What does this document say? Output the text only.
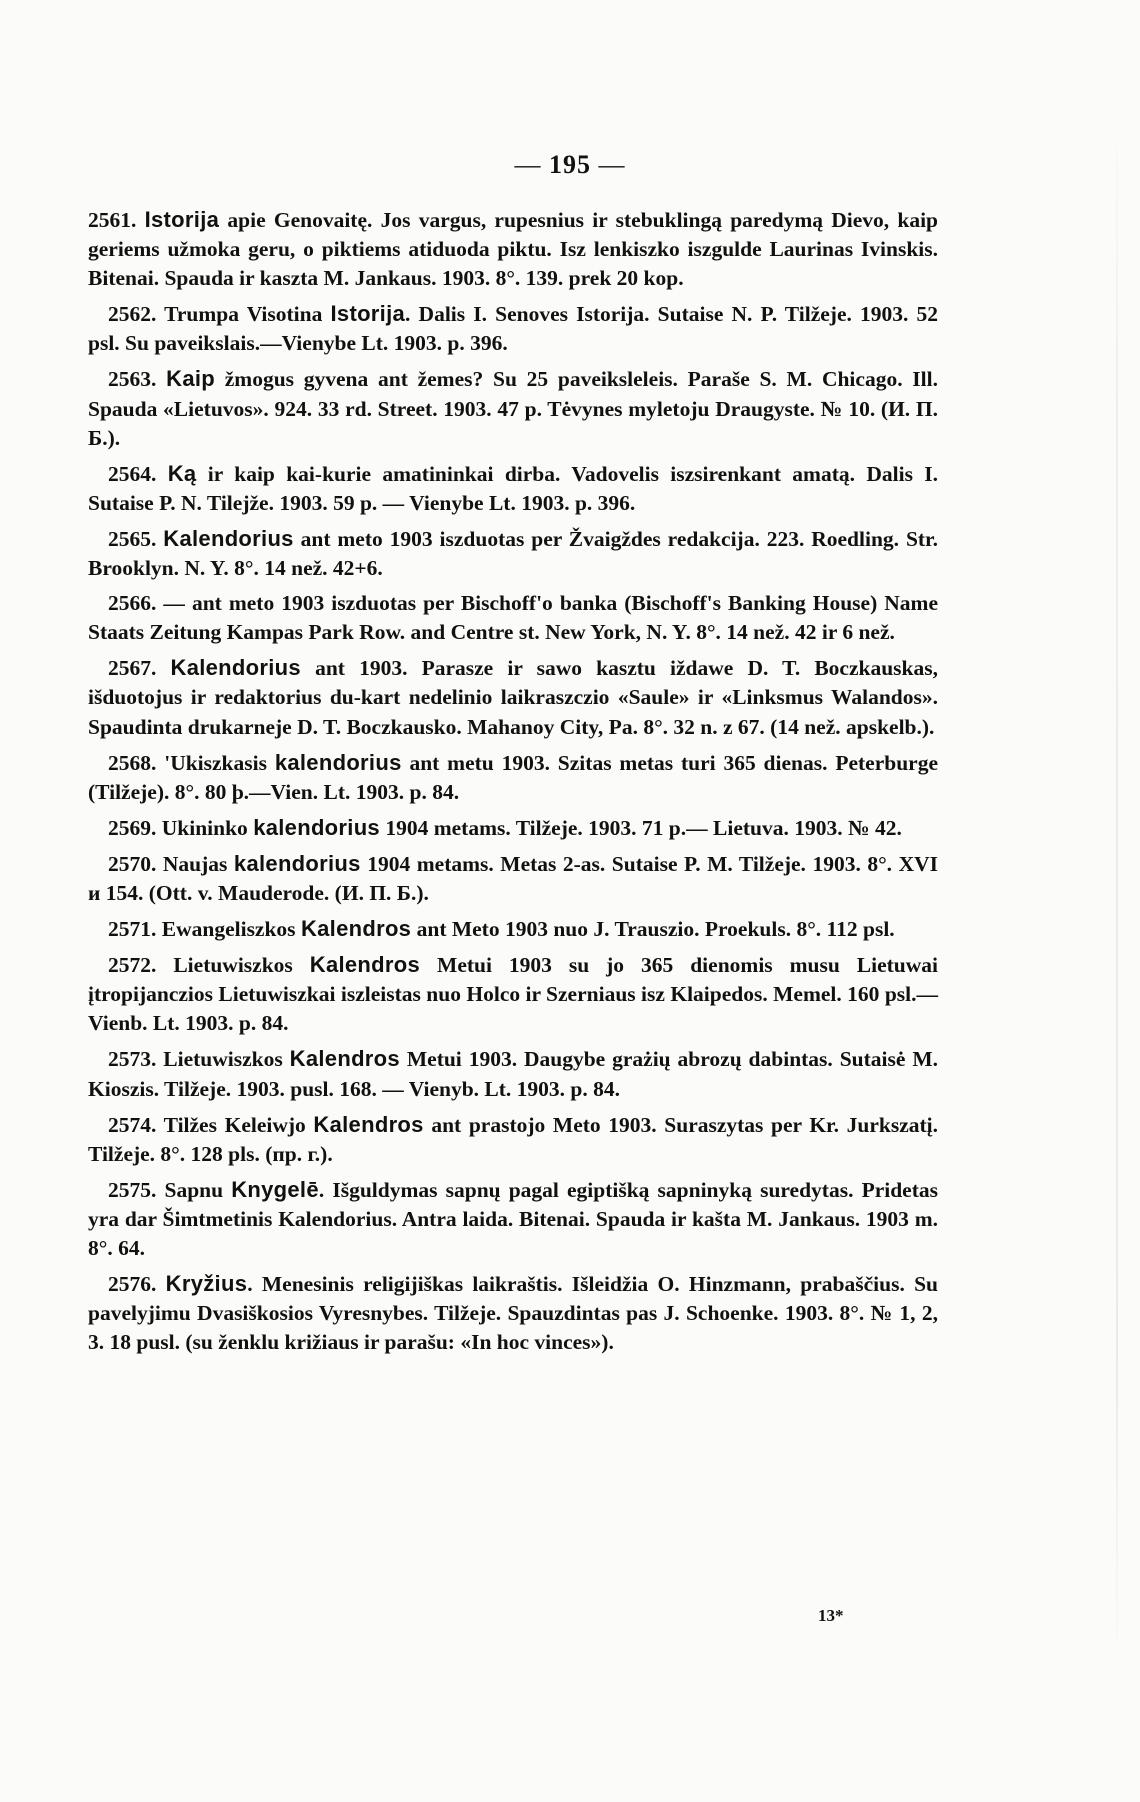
— 195 —

2561. Istorija apie Genovaitę. Jos vargus, rupesnius ir stebuklingą paredymą Dievo, kaip geriems užmoka geru, o piktiems atiduoda piktu. Isz lenkiszko iszgulde Laurinas Ivinskis. Bitenai. Spauda ir kaszta M. Jankaus. 1903. 8°. 139. prek 20 kop.

2562. Trumpa Visotina Istorija. Dalis I. Senoves Istorija. Sutaise N. P. Tilžeje. 1903. 52 psl. Su paveikslais.—Vienybe Lt. 1903. p. 396.

2563. Kaip žmogus gyvena ant žemes? Su 25 paveiksleleis. Paraše S. M. Chicago. Ill. Spauda «Lietuvos». 924. 33 rd. Street. 1903. 47 p. Tėvynes myletoju Draugyste. № 10. (И. П. Б.).

2564. Ką ir kaip kai-kurie amatininkai dirba. Vadovelis iszsirenkant amatą. Dalis I. Sutaise P. N. Tilejže. 1903. 59 p. — Vienybe Lt. 1903. p. 396.

2565. Kalendorius ant meto 1903 iszduotas per Žvaigždes redakcija. 223. Roedling. Str. Brooklyn. N. Y. 8°. 14 než. 42+6.

2566. — ant meto 1903 iszduotas per Bischoff'o banka (Bischoff's Banking House) Name Staats Zeitung Kampas Park Row. and Centre st. New York, N. Y. 8°. 14 než. 42 ir 6 než.

2567. Kalendorius ant 1903. Parasze ir sawo kasztu iždawe D. T. Boczkauskas, išduotojus ir redaktorius du-kart nedelinio laikraszczio «Saule» ir «Linksmus Walandos». Spaudinta drukarneje D. T. Boczkausko. Mahanoy City, Pa. 8°. 32 n. z 67. (14 než. apskelb.).

2568. 'Ukiszkasis kalendorius ant metu 1903. Szitas metas turi 365 dienas. Peterburge (Tilžeje). 8°. 80 þ.—Vien. Lt. 1903. p. 84.

2569. Ukininko kalendorius 1904 metams. Tilžeje. 1903. 71 p.— Lietuva. 1903. № 42.

2570. Naujas kalendorius 1904 metams. Metas 2-as. Sutaise P. M. Tilžeje. 1903. 8°. XVI и 154. (Ott. v. Mauderode. (И. П. Б.).

2571. Ewangeliszkos Kalendros ant Meto 1903 nuo J. Trauszio. Proekuls. 8°. 112 psl.

2572. Lietuwiszkos Kalendros Metui 1903 su jo 365 dienomis musu Lietuwai įtropijanczios Lietuwiszkai iszleistas nuo Holco ir Szerniaus isz Klaipedos. Memel. 160 psl.—Vienb. Lt. 1903. p. 84.

2573. Lietuwiszkos Kalendros Metui 1903. Daugybe grażių abrozų dabintas. Sutaisė M. Kioszis. Tilžeje. 1903. pusl. 168. — Vienyb. Lt. 1903. p. 84.

2574. Tilžes Keleiwjo Kalendros ant prastojo Meto 1903. Suraszytas per Kr. Jurkszatį. Tilžeje. 8°. 128 pls. (пр. г.).

2575. Sapnu Knygelē. Išguldymas sapnų pagal egiptišką sapninyką suredytas. Pridetas yra dar Šimtmetinis Kalendorius. Antra laida. Bitenai. Spauda ir kašta M. Jankaus. 1903 m. 8°. 64.

2576. Kryžius. Menesinis religijiškas laikraštis. Išleidžia O. Hinzmann, prabaščius. Su pavelyjimu Dvasiškosios Vyresnybes. Tilžeje. Spauzdintas pas J. Schoenke. 1903. 8°. № 1, 2, 3. 18 pusl. (su ženklu križiaus ir parašu: «In hoc vinces»).

13*
